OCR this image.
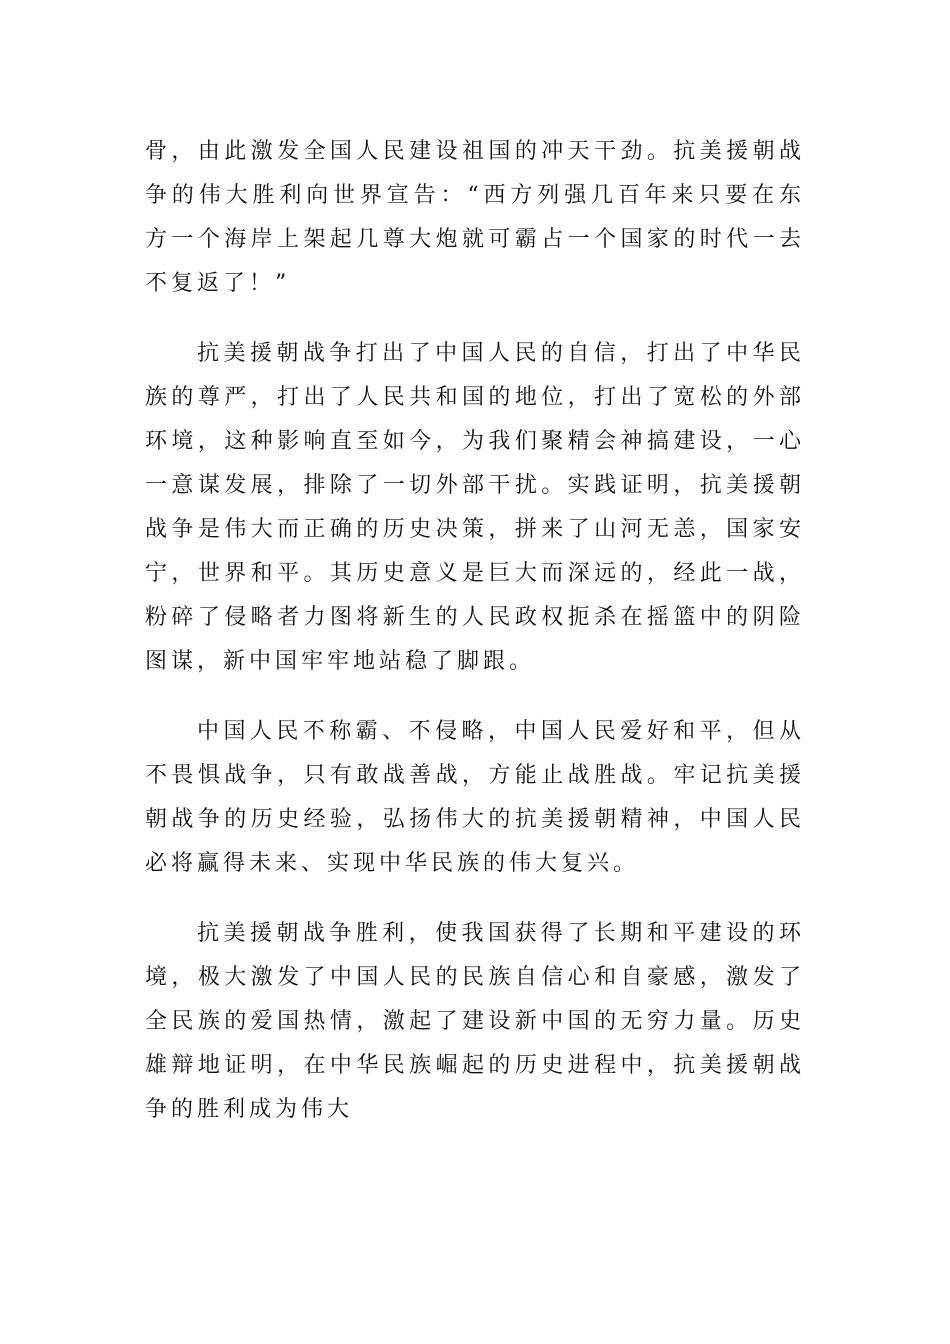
骨，由此激发全国人民建设祖国的冲天干劲。抗美援朝战争的伟大胜利向世界宣告：“西方列强几百年来只要在东方一个海岸上架起几尊大炮就可霸占一个国家的时代一去不复返了！”

抗美援朝战争打出了中国人民的自信，打出了中华民族的尊严，打出了人民共和国的地位，打出了宽松的外部环境，这种影响直至如今，为我们聚精会神搞建设，一心一意谋发展，排除了一切外部干扰。实践证明，抗美援朝战争是伟大而正确的历史决策，拼来了山河无恙，国家安宁，世界和平。其历史意义是巨大而深远的，经此一战，粉碎了侵略者力图将新生的人民政权扼杀在摇篮中的阴险图谋，新中国牢牢地站稳了脚跟。

中国人民不称霸、不侵略，中国人民爱好和平，但从不畏惧战争，只有敢战善战，方能止战胜战。牢记抗美援朝战争的历史经验，弘扬伟大的抗美援朝精神，中国人民必将赢得未来、实现中华民族的伟大复兴。

抗美援朝战争胜利，使我国获得了长期和平建设的环境，极大激发了中国人民的民族自信心和自豪感，激发了全民族的爱国热情，激起了建设新中国的无穷力量。历史雄辩地证明，在中华民族崛起的历史进程中，抗美援朝战争的胜利成为伟大
